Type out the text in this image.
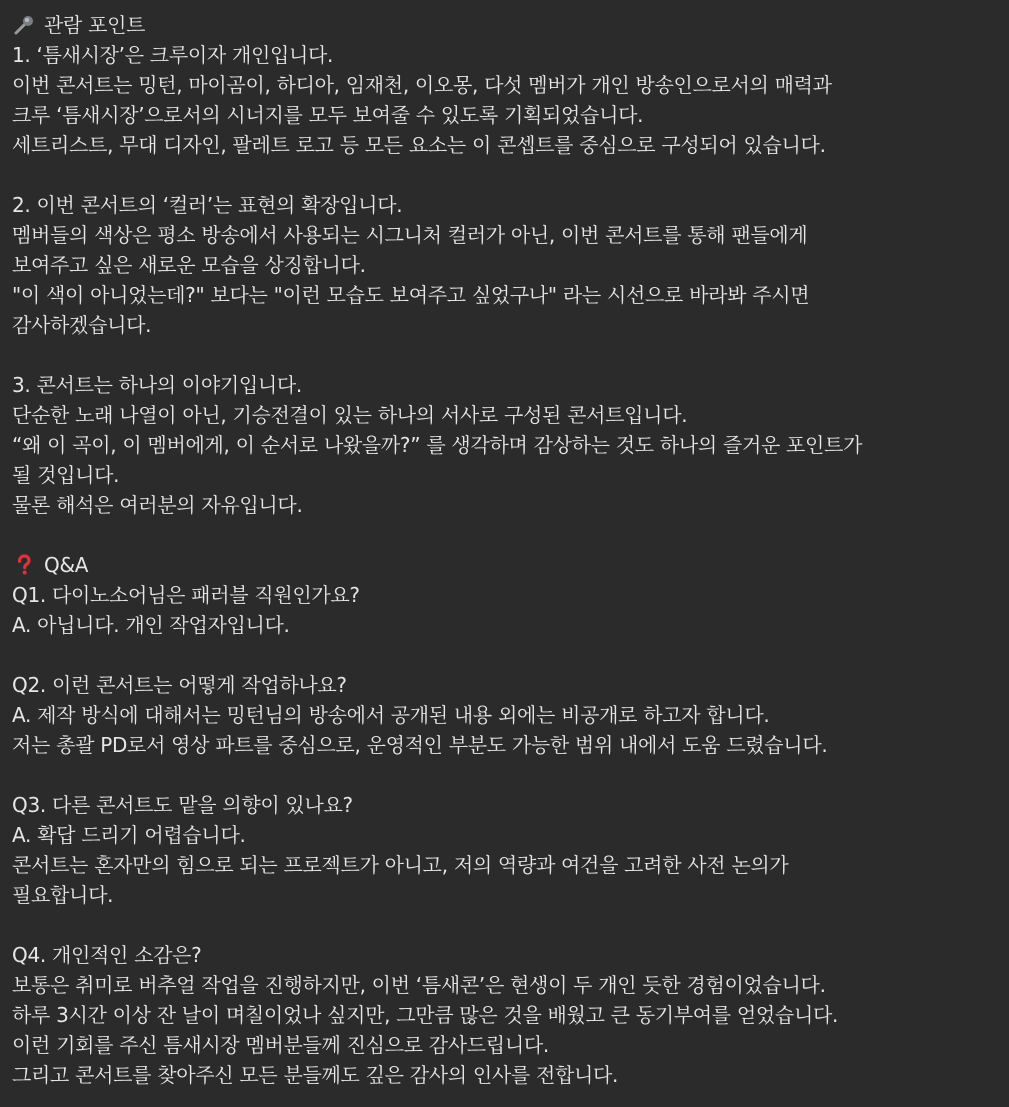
관람 포인트
1. ‘틈새시장’은 크루이자 개인입니다.
이번 콘서트는 밍턴, 마이곰이, 하디아, 임재천, 이오몽, 다섯 멤버가 개인 방송인으로서의 매력과
크루 ‘틈새시장’으로서의 시너지를 모두 보여줄 수 있도록 기획되었습니다.
세트리스트, 무대 디자인, 팔레트 로고 등 모든 요소는 이 콘셉트를 중심으로 구성되어 있습니다.
2. 이번 콘서트의 ‘컬러’는 표현의 확장입니다.
멤버들의 색상은 평소 방송에서 사용되는 시그니처 컬러가 아닌, 이번 콘서트를 통해 팬들에게
보여주고 싶은 새로운 모습을 상징합니다.
"이 색이 아니었는데?" 보다는 "이런 모습도 보여주고 싶었구나" 라는 시선으로 바라봐 주시면
감사하겠습니다.
3. 콘서트는 하나의 이야기입니다.
단순한 노래 나열이 아닌, 기승전결이 있는 하나의 서사로 구성된 콘서트입니다.
“왜 이 곡이, 이 멤버에게, 이 순서로 나왔을까?” 를 생각하며 감상하는 것도 하나의 즐거운 포인트가
될 것입니다.
물론 해석은 여러분의 자유입니다.
Q&A
Q1. 다이노소어님은 패러블 직원인가요?
A. 아닙니다. 개인 작업자입니다.
Q2. 이런 콘서트는 어떻게 작업하나요?
A. 제작 방식에 대해서는 밍턴님의 방송에서 공개된 내용 외에는 비공개로 하고자 합니다.
저는 총괄 PD로서 영상 파트를 중심으로, 운영적인 부분도 가능한 범위 내에서 도움 드렸습니다.
Q3. 다른 콘서트도 맡을 의향이 있나요?
A. 확답 드리기 어렵습니다.
콘서트는 혼자만의 힘으로 되는 프로젝트가 아니고, 저의 역량과 여건을 고려한 사전 논의가
필요합니다.
Q4. 개인적인 소감은?
보통은 취미로 버추얼 작업을 진행하지만, 이번 ‘틈새콘’은 현생이 두 개인 듯한 경험이었습니다.
하루 3시간 이상 잔 날이 며칠이었나 싶지만, 그만큼 많은 것을 배웠고 큰 동기부여를 얻었습니다.
이런 기회를 주신 틈새시장 멤버분들께 진심으로 감사드립니다.
그리고 콘서트를 찾아주신 모든 분들께도 깊은 감사의 인사를 전합니다.
